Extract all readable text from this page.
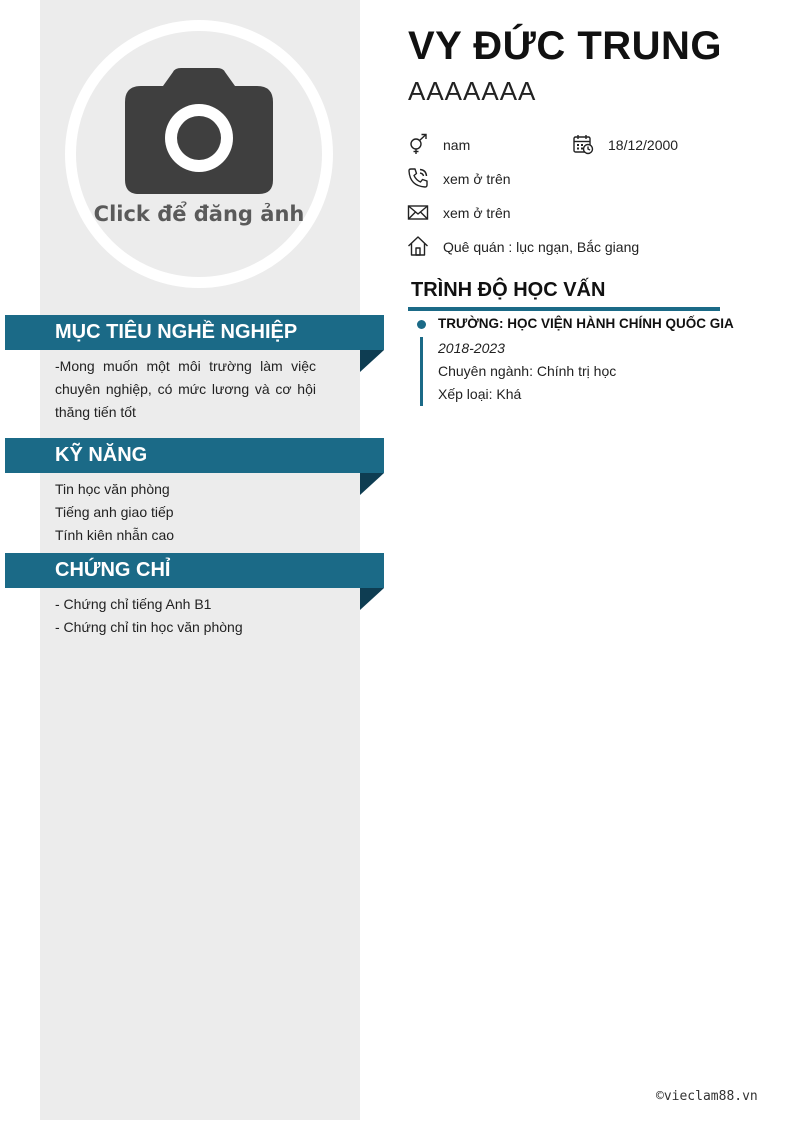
Click để đăng ảnh
MỤC TIÊU NGHỀ NGHIỆP
-Mong muốn một môi trường làm việc chuyên nghiệp, có mức lương và cơ hội thăng tiến tốt
KỸ NĂNG
Tin học văn phòng
Tiếng anh giao tiếp
Tính kiên nhẫn cao
CHỨNG CHỈ
- Chứng chỉ tiếng Anh B1
- Chứng chỉ tin học văn phòng
VY ĐỨC TRUNG
AAAAAAA
nam	18/12/2000
xem ở trên
xem ở trên
Quê quán : lục ngạn, Bắc giang
TRÌNH ĐỘ HỌC VẤN
TRƯỜNG: HỌC VIỆN HÀNH CHÍNH QUỐC GIA
2018-2023
Chuyên ngành: Chính trị học
Xếp loại: Khá
©vieclam88.vn
